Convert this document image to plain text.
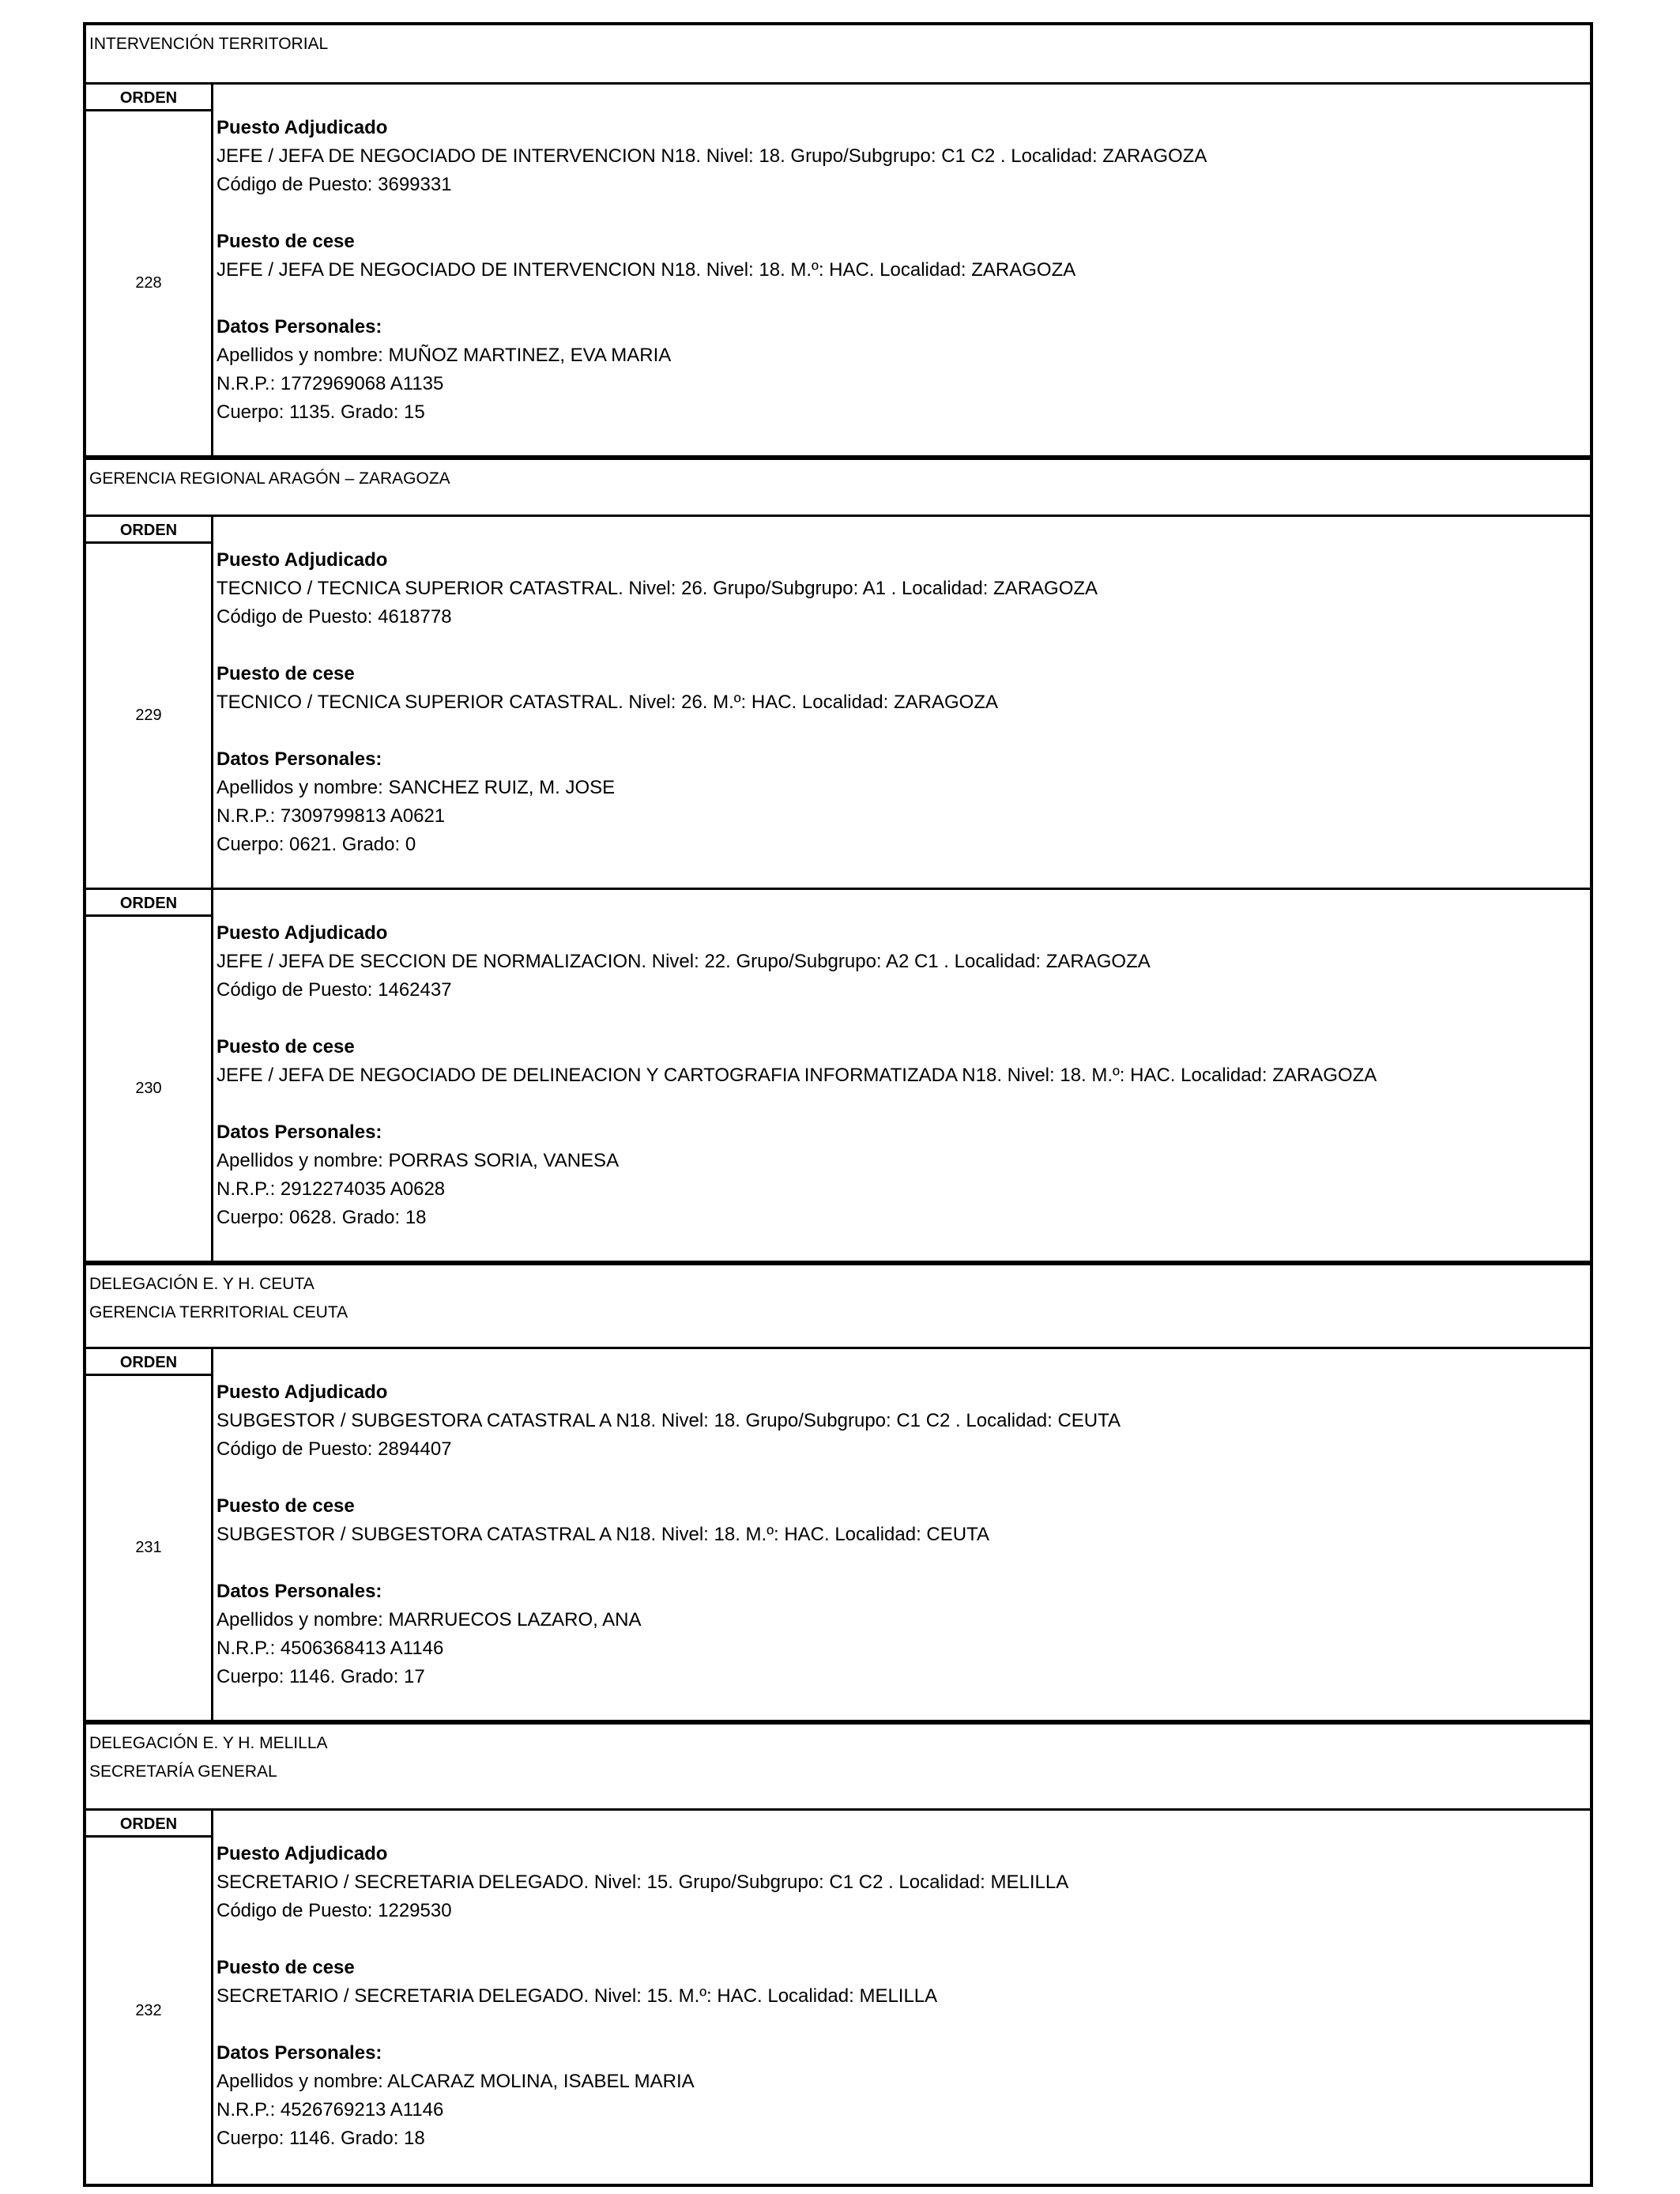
INTERVENCIÓN TERRITORIAL
ORDEN
228
Puesto Adjudicado
JEFE / JEFA DE NEGOCIADO DE INTERVENCION N18. Nivel: 18. Grupo/Subgrupo: C1 C2 . Localidad: ZARAGOZA
Código de Puesto: 3699331
Puesto de cese
JEFE / JEFA DE NEGOCIADO DE INTERVENCION N18. Nivel: 18. M.º: HAC. Localidad: ZARAGOZA
Datos Personales:
Apellidos y nombre: MUÑOZ MARTINEZ, EVA MARIA
N.R.P.: 1772969068 A1135
Cuerpo: 1135. Grado: 15
GERENCIA REGIONAL ARAGÓN – ZARAGOZA
ORDEN
229
Puesto Adjudicado
TECNICO / TECNICA SUPERIOR CATASTRAL. Nivel: 26. Grupo/Subgrupo: A1 . Localidad: ZARAGOZA
Código de Puesto: 4618778
Puesto de cese
TECNICO / TECNICA SUPERIOR CATASTRAL. Nivel: 26. M.º: HAC. Localidad: ZARAGOZA
Datos Personales:
Apellidos y nombre: SANCHEZ RUIZ, M. JOSE
N.R.P.: 7309799813 A0621
Cuerpo: 0621. Grado: 0
ORDEN
230
Puesto Adjudicado
JEFE / JEFA DE SECCION DE NORMALIZACION. Nivel: 22. Grupo/Subgrupo: A2 C1 . Localidad: ZARAGOZA
Código de Puesto: 1462437
Puesto de cese
JEFE / JEFA DE NEGOCIADO DE DELINEACION Y CARTOGRAFIA INFORMATIZADA N18. Nivel: 18. M.º: HAC. Localidad: ZARAGOZA
Datos Personales:
Apellidos y nombre: PORRAS SORIA, VANESA
N.R.P.: 2912274035 A0628
Cuerpo: 0628. Grado: 18
DELEGACIÓN E. Y H. CEUTA
GERENCIA TERRITORIAL CEUTA
ORDEN
231
Puesto Adjudicado
SUBGESTOR / SUBGESTORA CATASTRAL A N18. Nivel: 18. Grupo/Subgrupo: C1 C2 . Localidad: CEUTA
Código de Puesto: 2894407
Puesto de cese
SUBGESTOR / SUBGESTORA CATASTRAL A N18. Nivel: 18. M.º: HAC. Localidad: CEUTA
Datos Personales:
Apellidos y nombre: MARRUECOS LAZARO, ANA
N.R.P.: 4506368413 A1146
Cuerpo: 1146. Grado: 17
DELEGACIÓN E. Y H. MELILLA
SECRETARÍA GENERAL
ORDEN
232
Puesto Adjudicado
SECRETARIO / SECRETARIA DELEGADO. Nivel: 15. Grupo/Subgrupo: C1 C2 . Localidad: MELILLA
Código de Puesto: 1229530
Puesto de cese
SECRETARIO / SECRETARIA DELEGADO. Nivel: 15. M.º: HAC. Localidad: MELILLA
Datos Personales:
Apellidos y nombre: ALCARAZ MOLINA, ISABEL MARIA
N.R.P.: 4526769213 A1146
Cuerpo: 1146. Grado: 18
